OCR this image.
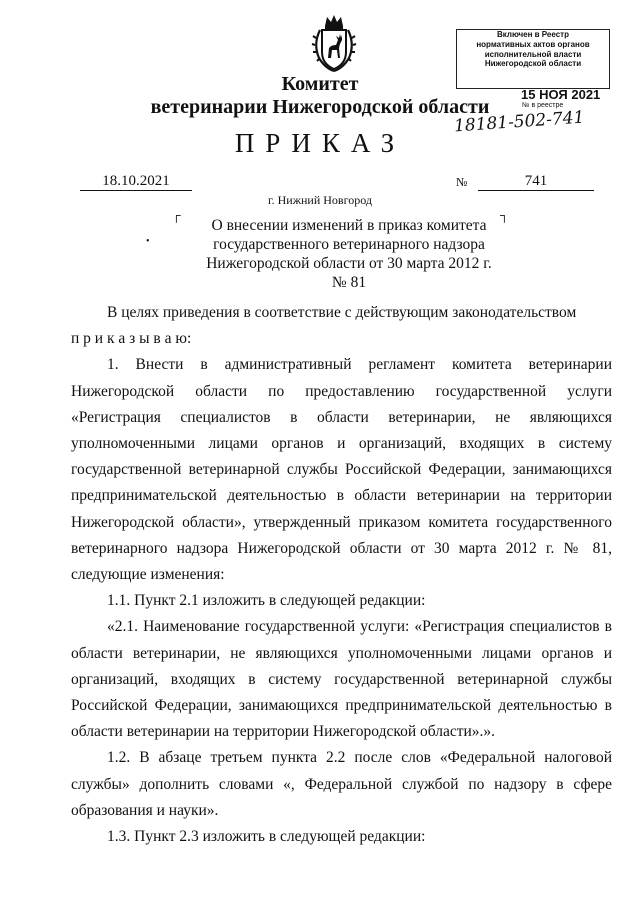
Включен в Реестр
нормативных актов органов
исполнительной власти
Нижегородской области
15 НОЯ 2021
№ в реестре
18181-502-741
Комитет
ветеринарии Нижегородской области
ПРИКАЗ
18.10.2021	№	741
г. Нижний Новгород
┌	┐
•
О внесении изменений в приказ комитета
государственного ветеринарного надзора
Нижегородской области от 30 марта 2012 г.
№ 81

В целях приведения в соответствие с действующим законодательством

п р и к а з ы в а ю:

1. Внести в административный регламент комитета ветеринарии Нижегородской области по предоставлению государственной услуги «Регистрация специалистов в области ветеринарии, не являющихся уполномоченными лицами органов и организаций, входящих в систему государственной ветеринарной службы Российской Федерации, занимающихся предпринимательской деятельностью в области ветеринарии на территории Нижегородской области», утвержденный приказом комитета государственного ветеринарного надзора Нижегородской области от 30 марта 2012 г. № 81, следующие изменения:

1.1. Пункт 2.1 изложить в следующей редакции:

«2.1. Наименование государственной услуги: «Регистрация специалистов в области ветеринарии, не являющихся уполномоченными лицами органов и организаций, входящих в систему государственной ветеринарной службы Российской Федерации, занимающихся предпринимательской деятельностью в области ветеринарии на территории Нижегородской области».».

1.2. В абзаце третьем пункта 2.2 после слов «Федеральной налоговой службы» дополнить словами «, Федеральной службой по надзору в сфере образования и науки».

1.3. Пункт 2.3 изложить в следующей редакции:
